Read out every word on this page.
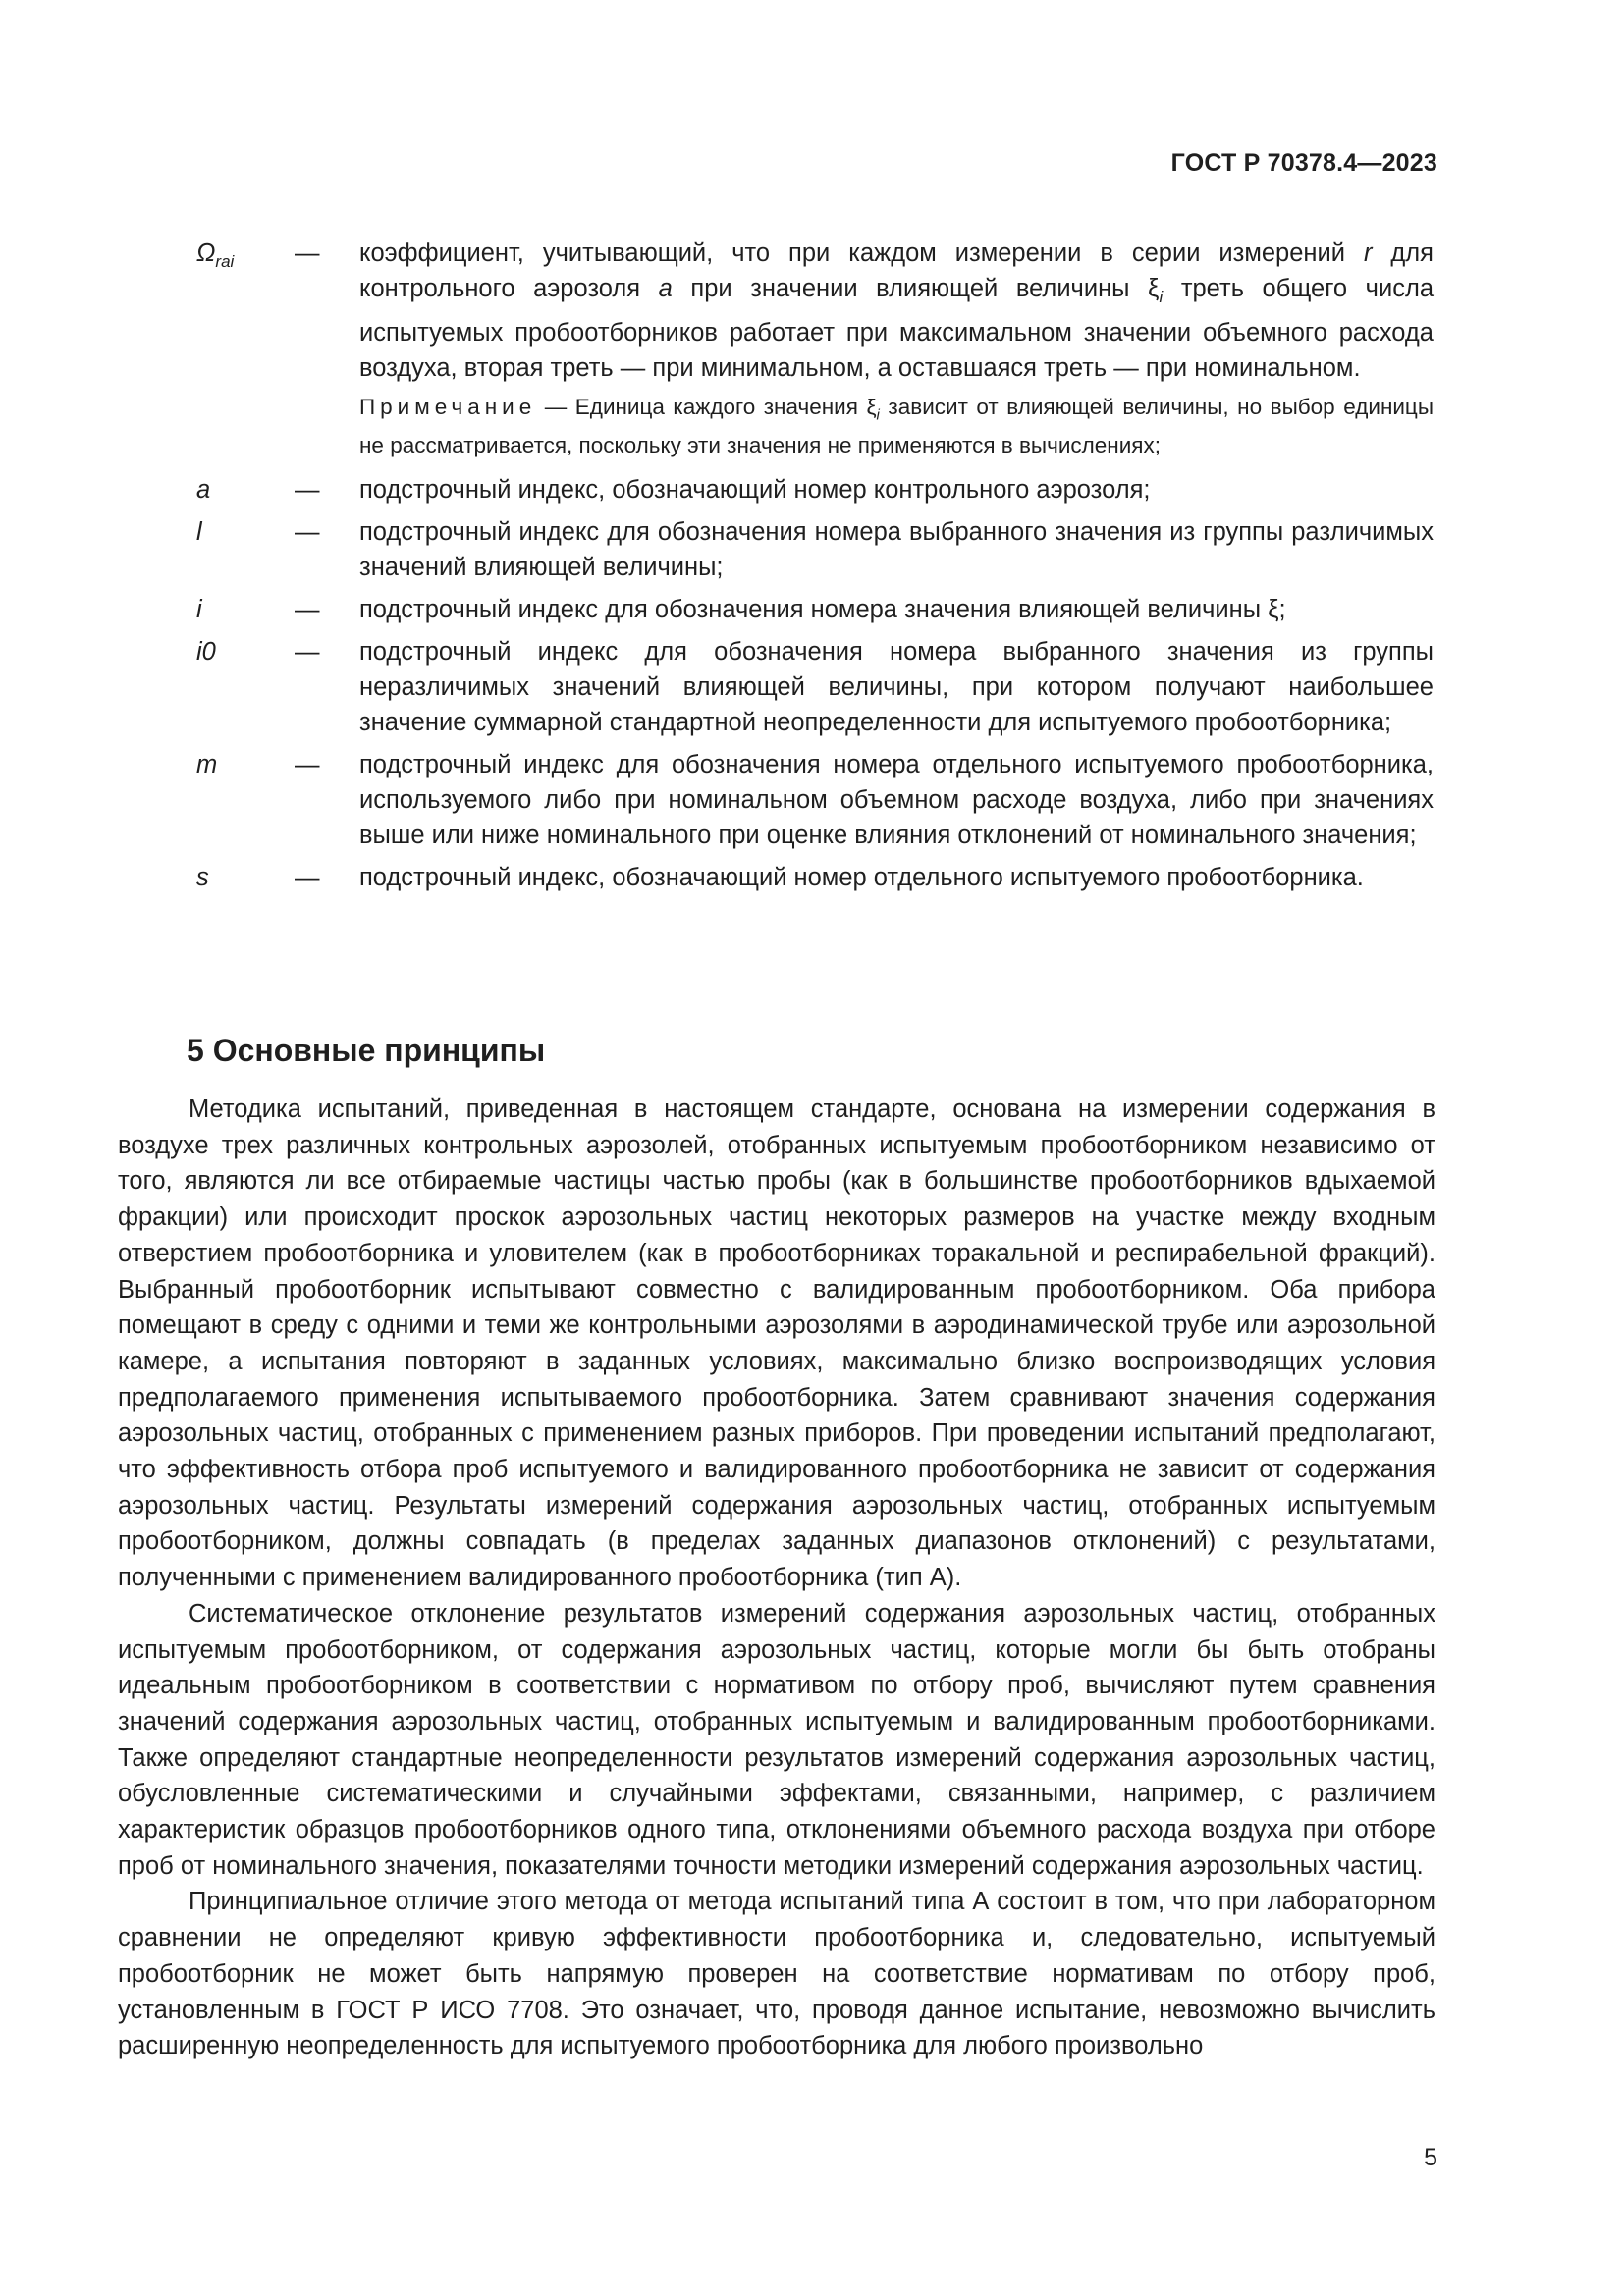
ГОСТ Р 70378.4—2023
$\Omega_{rai}$	—	коэффициент, учитывающий, что при каждом измерении в серии измерений r для контрольного аэрозоля a при значении влияющей величины $\xi_i$ треть общего числа испытуемых пробоотборников работает при максимальном значении объемного расхода воздуха, вторая треть — при минимальном, а оставшаяся треть — при номинальном.
Примечание — Единица каждого значения $\xi_i$ зависит от влияющей величины, но выбор единицы не рассматривается, поскольку эти значения не применяются в вычислениях;
a	—	подстрочный индекс, обозначающий номер контрольного аэрозоля;
l	—	подстрочный индекс для обозначения номера выбранного значения из группы различимых значений влияющей величины;
i	—	подстрочный индекс для обозначения номера значения влияющей величины ξ;
i0	—	подстрочный индекс для обозначения номера выбранного значения из группы неразличимых значений влияющей величины, при котором получают наибольшее значение суммарной стандартной неопределенности для испытуемого пробоотборника;
m	—	подстрочный индекс для обозначения номера отдельного испытуемого пробоотборника, используемого либо при номинальном объемном расходе воздуха, либо при значениях выше или ниже номинального при оценке влияния отклонений от номинального значения;
s	—	подстрочный индекс, обозначающий номер отдельного испытуемого пробоотборника.
5 Основные принципы

Методика испытаний, приведенная в настоящем стандарте, основана на измерении содержания в воздухе трех различных контрольных аэрозолей, отобранных испытуемым пробоотборником независимо от того, являются ли все отбираемые частицы частью пробы (как в большинстве пробоотборников вдыхаемой фракции) или происходит проскок аэрозольных частиц некоторых размеров на участке между входным отверстием пробоотборника и уловителем (как в пробоотборниках торакальной и респирабельной фракций). Выбранный пробоотборник испытывают совместно с валидированным пробоотборником. Оба прибора помещают в среду с одними и теми же контрольными аэрозолями в аэродинамической трубе или аэрозольной камере, а испытания повторяют в заданных условиях, максимально близко воспроизводящих условия предполагаемого применения испытываемого пробоотборника. Затем сравнивают значения содержания аэрозольных частиц, отобранных с применением разных приборов. При проведении испытаний предполагают, что эффективность отбора проб испытуемого и валидированного пробоотборника не зависит от содержания аэрозольных частиц. Результаты измерений содержания аэрозольных частиц, отобранных испытуемым пробоотборником, должны совпадать (в пределах заданных диапазонов отклонений) с результатами, полученными с применением валидированного пробоотборника (тип А).

Систематическое отклонение результатов измерений содержания аэрозольных частиц, отобранных испытуемым пробоотборником, от содержания аэрозольных частиц, которые могли бы быть отобраны идеальным пробоотборником в соответствии с нормативом по отбору проб, вычисляют путем сравнения значений содержания аэрозольных частиц, отобранных испытуемым и валидированным пробоотборниками. Также определяют стандартные неопределенности результатов измерений содержания аэрозольных частиц, обусловленные систематическими и случайными эффектами, связанными, например, с различием характеристик образцов пробоотборников одного типа, отклонениями объемного расхода воздуха при отборе проб от номинального значения, показателями точности методики измерений содержания аэрозольных частиц.

Принципиальное отличие этого метода от метода испытаний типа А состоит в том, что при лабораторном сравнении не определяют кривую эффективности пробоотборника и, следовательно, испытуемый пробоотборник не может быть напрямую проверен на соответствие нормативам по отбору проб, установленным в ГОСТ Р ИСО 7708. Это означает, что, проводя данное испытание, невозможно вычислить расширенную неопределенность для испытуемого пробоотборника для любого произвольно

5
